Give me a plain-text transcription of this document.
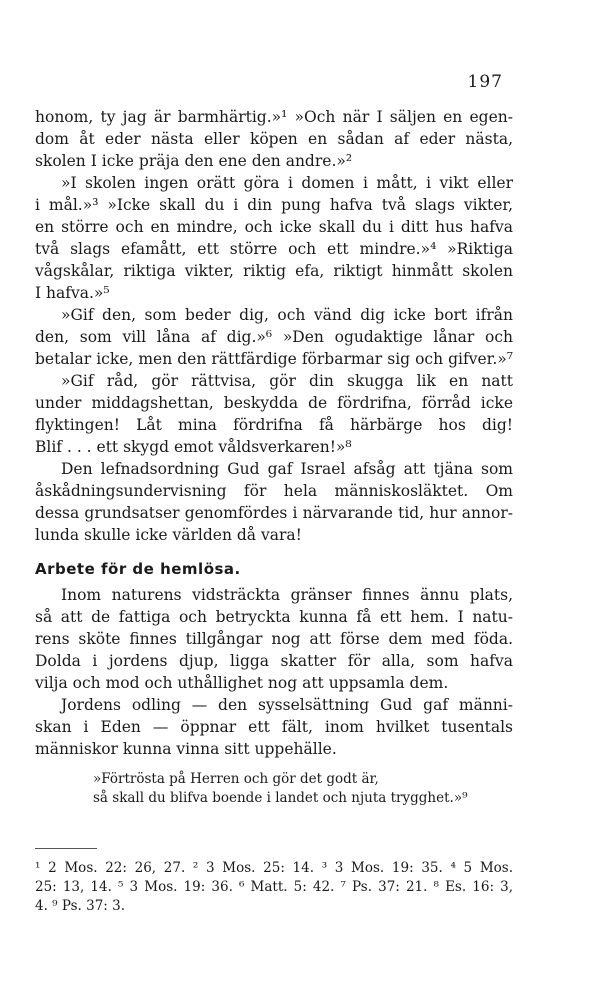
197
honom, ty jag är barmhärtig.»¹ »Och när I säljen en egen-
dom åt eder nästa eller köpen en sådan af eder nästa,
skolen I icke präja den ene den andre.»²
»I skolen ingen orätt göra i domen i mått, i vikt eller
i mål.»³ »Icke skall du i din pung hafva två slags vikter,
en större och en mindre, och icke skall du i ditt hus hafva
två slags efamått, ett större och ett mindre.»⁴ »Riktiga
vågskålar, riktiga vikter, riktig efa, riktigt hinmått skolen
I hafva.»⁵
»Gif den, som beder dig, och vänd dig icke bort ifrån
den, som vill låna af dig.»⁶ »Den ogudaktige lånar och
betalar icke, men den rättfärdige förbarmar sig och gifver.»⁷
»Gif råd, gör rättvisa, gör din skugga lik en natt
under middagshettan, beskydda de fördrifna, förråd icke
flyktingen! Låt mina fördrifna få härbärge hos dig!
Blif . . . ett skygd emot våldsverkaren!»⁸
Den lefnadsordning Gud gaf Israel afsåg att tjäna som
åskådningsundervisning för hela människosläktet. Om
dessa grundsatser genomfördes i närvarande tid, hur annor-
lunda skulle icke världen då vara!
Arbete för de hemlösa.
Inom naturens vidsträckta gränser finnes ännu plats,
så att de fattiga och betryckta kunna få ett hem. I natu-
rens sköte finnes tillgångar nog att förse dem med föda.
Dolda i jordens djup, ligga skatter för alla, som hafva
vilja och mod och uthållighet nog att uppsamla dem.
Jordens odling — den sysselsättning Gud gaf männi-
skan i Eden — öppnar ett fält, inom hvilket tusentals
människor kunna vinna sitt uppehälle.
»Förtrösta på Herren och gör det godt är,
så skall du blifva boende i landet och njuta trygghet.»⁹
¹ 2 Mos. 22: 26, 27. ² 3 Mos. 25: 14. ³ 3 Mos. 19: 35. ⁴ 5 Mos.
25: 13, 14. ⁵ 3 Mos. 19: 36. ⁶ Matt. 5: 42. ⁷ Ps. 37: 21. ⁸ Es. 16: 3,
4. ⁹ Ps. 37: 3.
